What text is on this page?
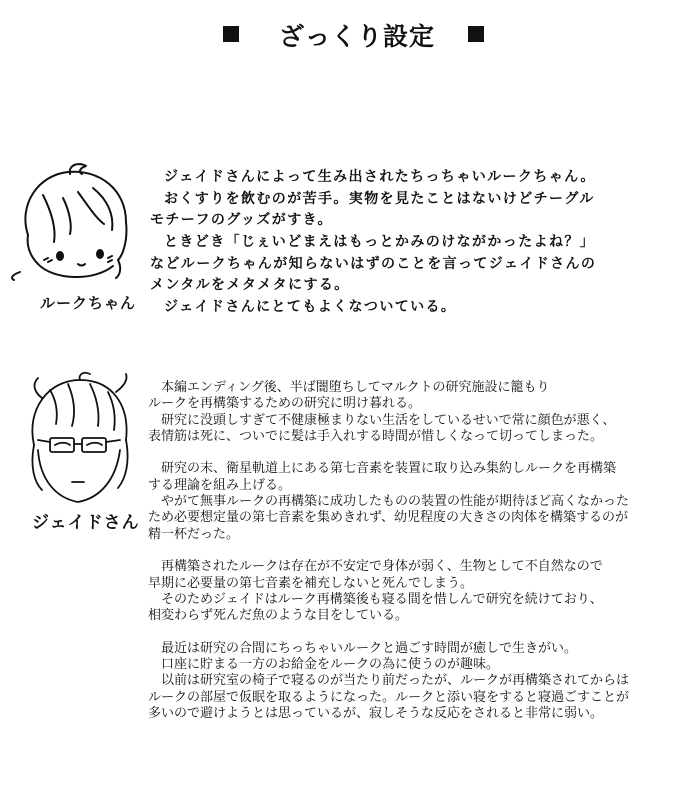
ざっくり設定
ルークちゃん
ジェイドさん
ジェイドさんによって生み出されたちっちゃいルークちゃん。
おくすりを飲むのが苦手。実物を見たことはないけどチーグル
モチーフのグッズがすき。
ときどき「じぇいどまえはもっとかみのけながかったよね？」
などルークちゃんが知らないはずのことを言ってジェイドさんの
メンタルをメタメタにする。
ジェイドさんにとてもよくなついている。
本編エンディング後、半ば闇堕ちしてマルクトの研究施設に籠もり
ルークを再構築するための研究に明け暮れる。
研究に没頭しすぎて不健康極まりない生活をしているせいで常に顔色が悪く、
表情筋は死に、ついでに髪は手入れする時間が惜しくなって切ってしまった。
研究の末、衛星軌道上にある第七音素を装置に取り込み集約しルークを再構築
する理論を組み上げる。
やがて無事ルークの再構築に成功したものの装置の性能が期待ほど高くなかった
ため必要想定量の第七音素を集めきれず、幼児程度の大きさの肉体を構築するのが
精一杯だった。
再構築されたルークは存在が不安定で身体が弱く、生物として不自然なので
早期に必要量の第七音素を補充しないと死んでしまう。
そのためジェイドはルーク再構築後も寝る間を惜しんで研究を続けており、
相変わらず死んだ魚のような目をしている。
最近は研究の合間にちっちゃいルークと過ごす時間が癒しで生きがい。
口座に貯まる一方のお給金をルークの為に使うのが趣味。
以前は研究室の椅子で寝るのが当たり前だったが、ルークが再構築されてからは
ルークの部屋で仮眠を取るようになった。ルークと添い寝をすると寝過ごすことが
多いので避けようとは思っているが、寂しそうな反応をされると非常に弱い。
